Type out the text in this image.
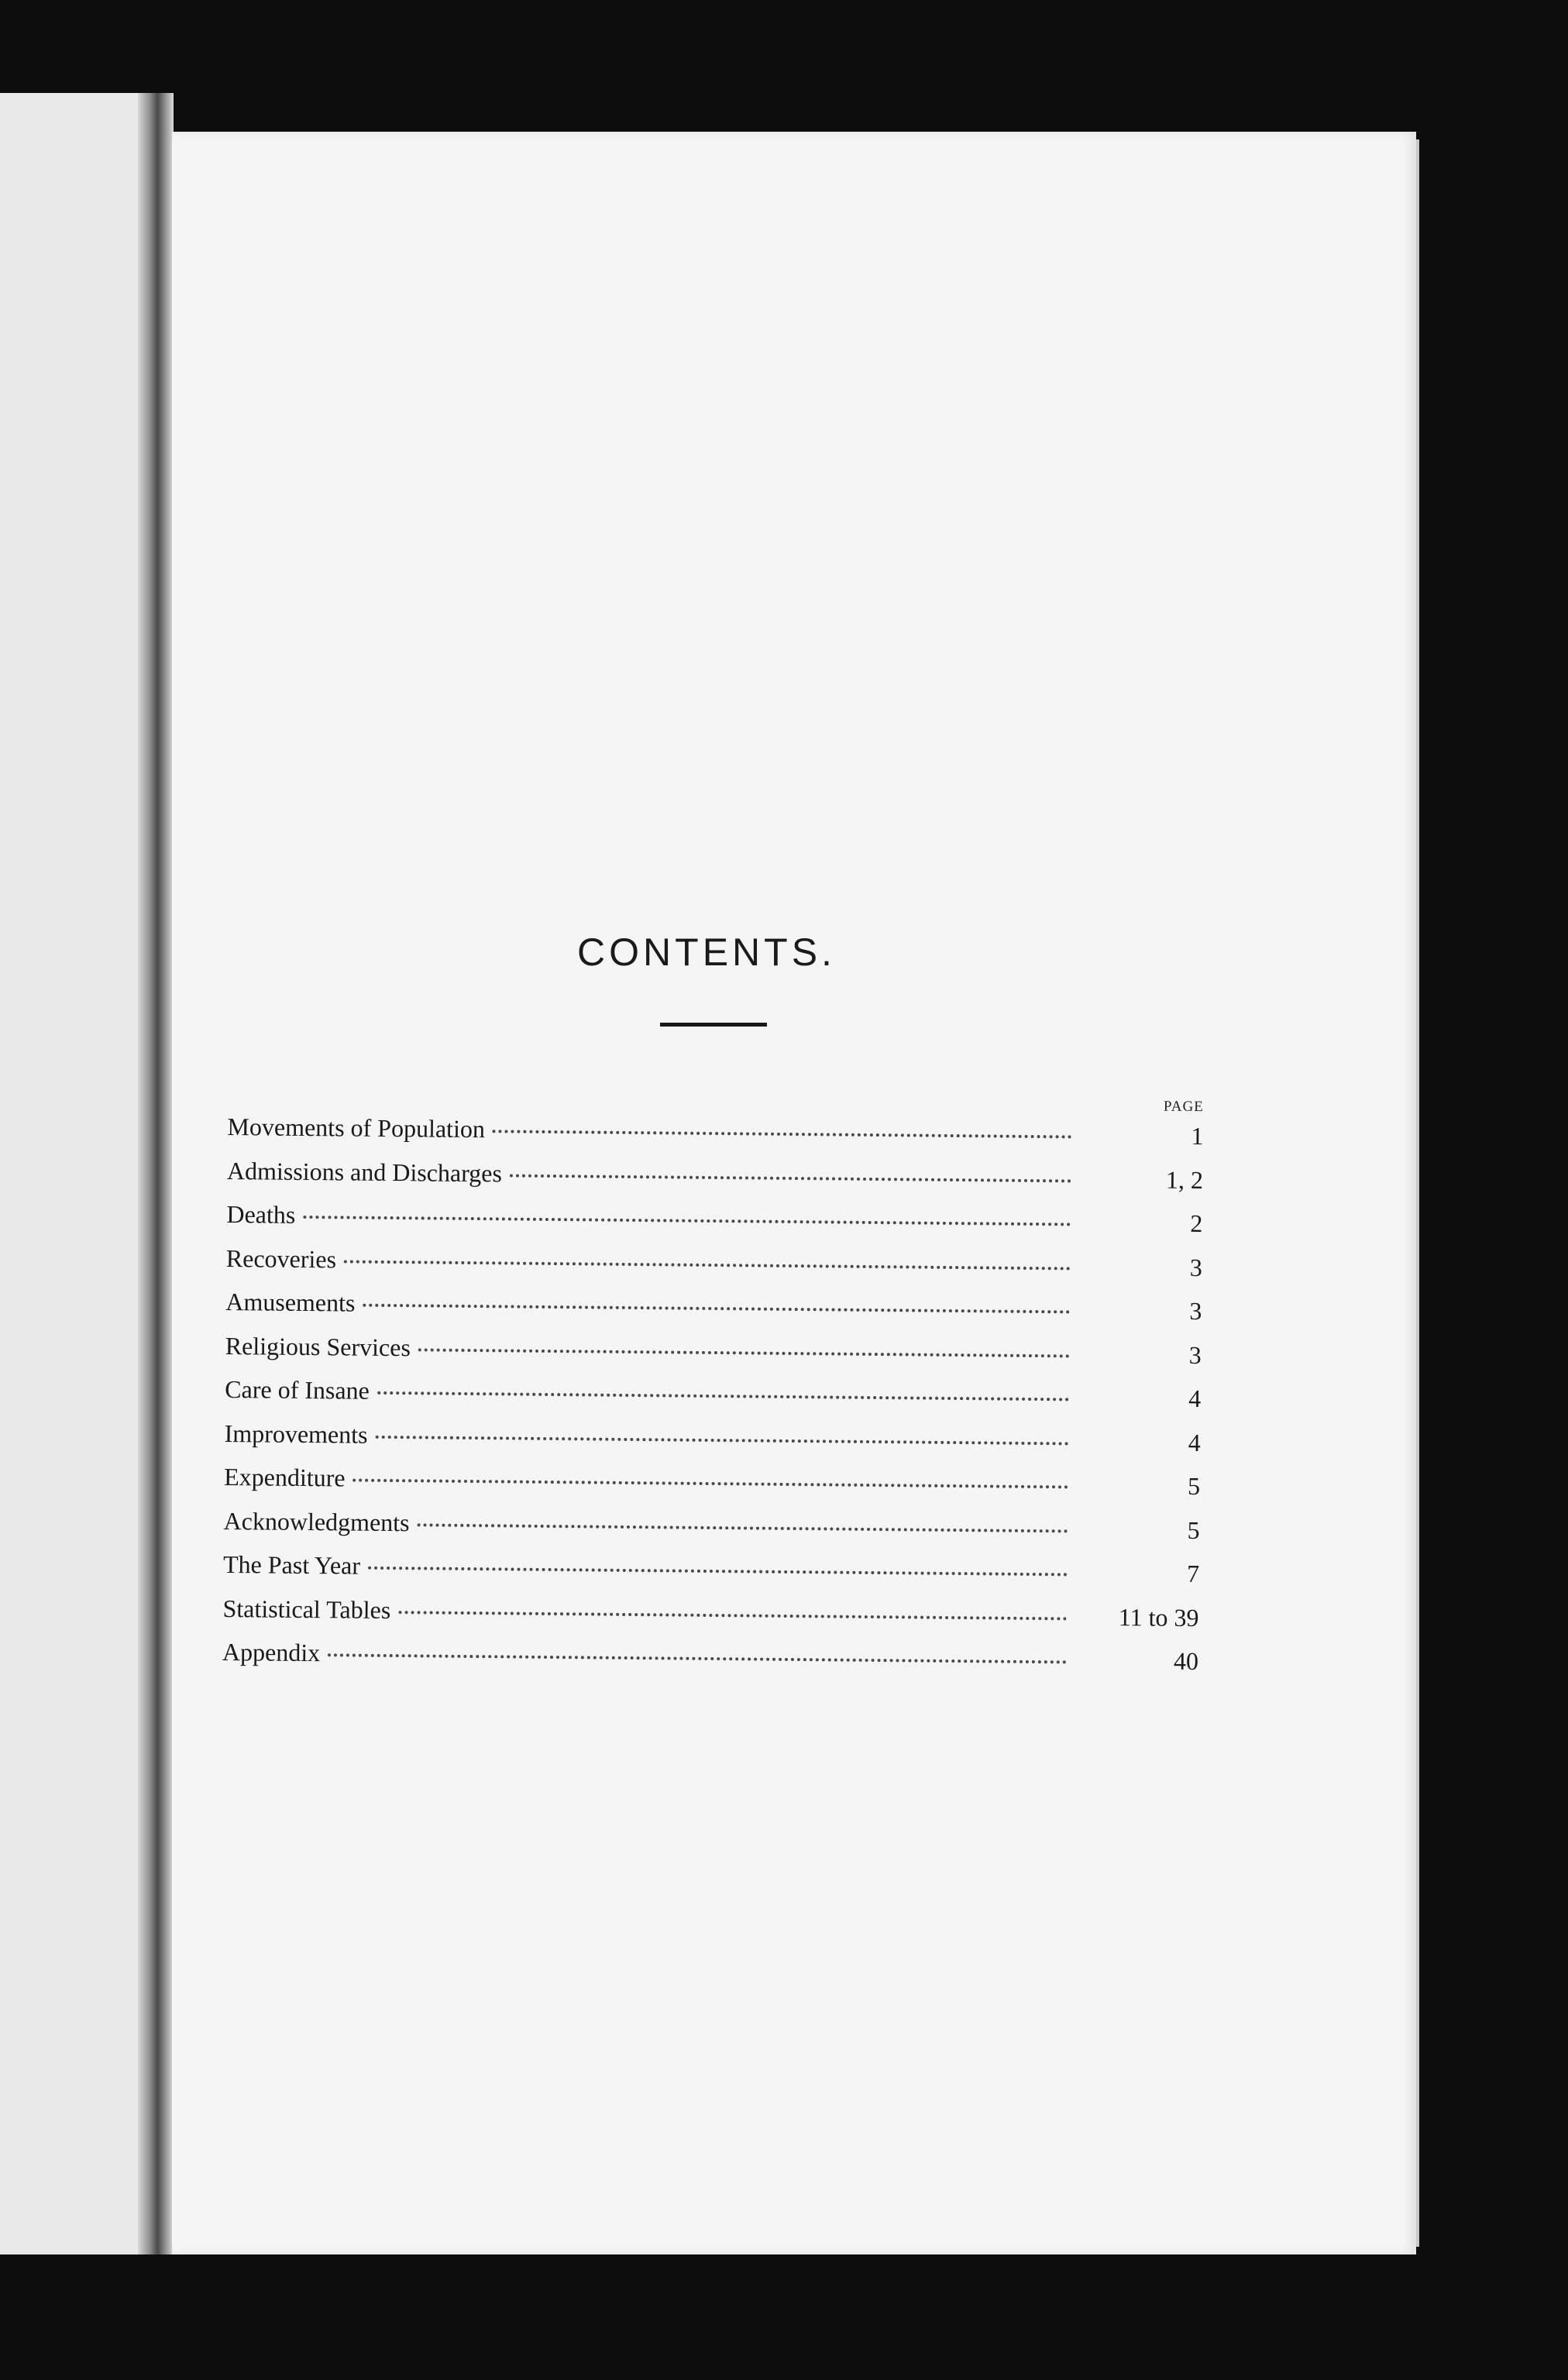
CONTENTS.
PAGE
Movements of Population	1
Admissions and Discharges	1, 2
Deaths	2
Recoveries	3
Amusements	3
Religious Services	3
Care of Insane	4
Improvements	4
Expenditure	5
Acknowledgments	5
The Past Year	7
Statistical Tables	11 to 39
Appendix	40
